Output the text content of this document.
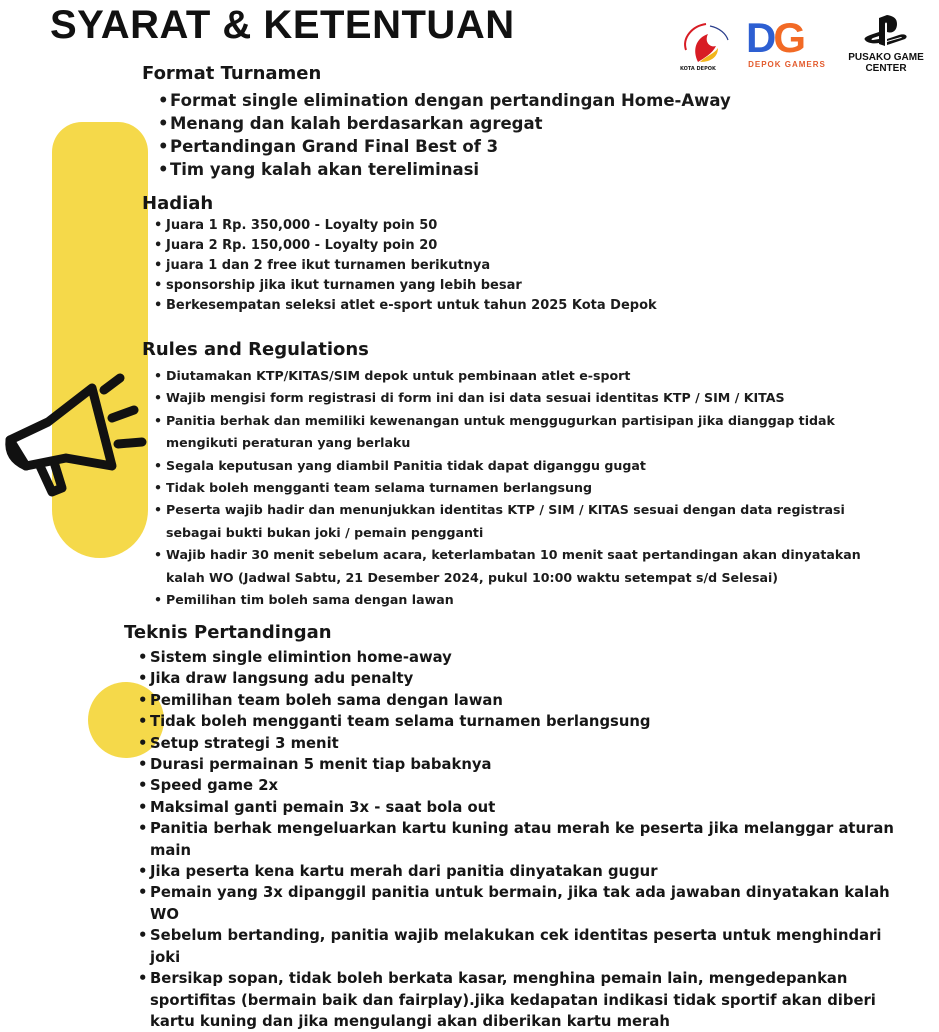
SYARAT & KETENTUAN
KOTA DEPOK
DG
DEPOK GAMERS
PUSAKO GAME
CENTER
Format Turnamen
• Format single elimination dengan pertandingan Home-Away
• Menang dan kalah berdasarkan agregat
• Pertandingan Grand Final Best of 3
• Tim yang kalah akan tereliminasi
Hadiah
• Juara 1 Rp. 350,000 - Loyalty poin 50
• Juara 2 Rp. 150,000 - Loyalty poin 20
• juara 1 dan 2 free ikut turnamen berikutnya
• sponsorship jika ikut turnamen yang lebih besar
• Berkesempatan seleksi atlet e-sport untuk tahun 2025 Kota Depok
Rules and Regulations
• Diutamakan KTP/KITAS/SIM depok untuk pembinaan atlet e-sport
• Wajib mengisi form registrasi di form ini dan isi data sesuai identitas KTP / SIM / KITAS
• Panitia berhak dan memiliki kewenangan untuk menggugurkan partisipan jika dianggap tidak
mengikuti peraturan yang berlaku
• Segala keputusan yang diambil Panitia tidak dapat diganggu gugat
• Tidak boleh mengganti team selama turnamen berlangsung
• Peserta wajib hadir dan menunjukkan identitas KTP / SIM / KITAS sesuai dengan data registrasi
sebagai bukti bukan joki / pemain pengganti
• Wajib hadir 30 menit sebelum acara, keterlambatan 10 menit saat pertandingan akan dinyatakan
kalah WO (Jadwal Sabtu, 21 Desember 2024, pukul 10:00 waktu setempat s/d Selesai)
• Pemilihan tim boleh sama dengan lawan
Teknis Pertandingan
• Sistem single elimintion home-away
• Jika draw langsung adu penalty
• Pemilihan team boleh sama dengan lawan
• Tidak boleh mengganti team selama turnamen berlangsung
• Setup strategi 3 menit
• Durasi permainan 5 menit tiap babaknya
• Speed game 2x
• Maksimal ganti pemain 3x - saat bola out
• Panitia berhak mengeluarkan kartu kuning atau merah ke peserta jika melanggar aturan
main
• Jika peserta kena kartu merah dari panitia dinyatakan gugur
• Pemain yang 3x dipanggil panitia untuk bermain, jika tak ada jawaban dinyatakan kalah
WO
• Sebelum bertanding, panitia wajib melakukan cek identitas peserta untuk menghindari
joki
• Bersikap sopan, tidak boleh berkata kasar, menghina pemain lain, mengedepankan
sportifitas (bermain baik dan fairplay).jika kedapatan indikasi tidak sportif akan diberi
kartu kuning dan jika mengulangi akan diberikan kartu merah
